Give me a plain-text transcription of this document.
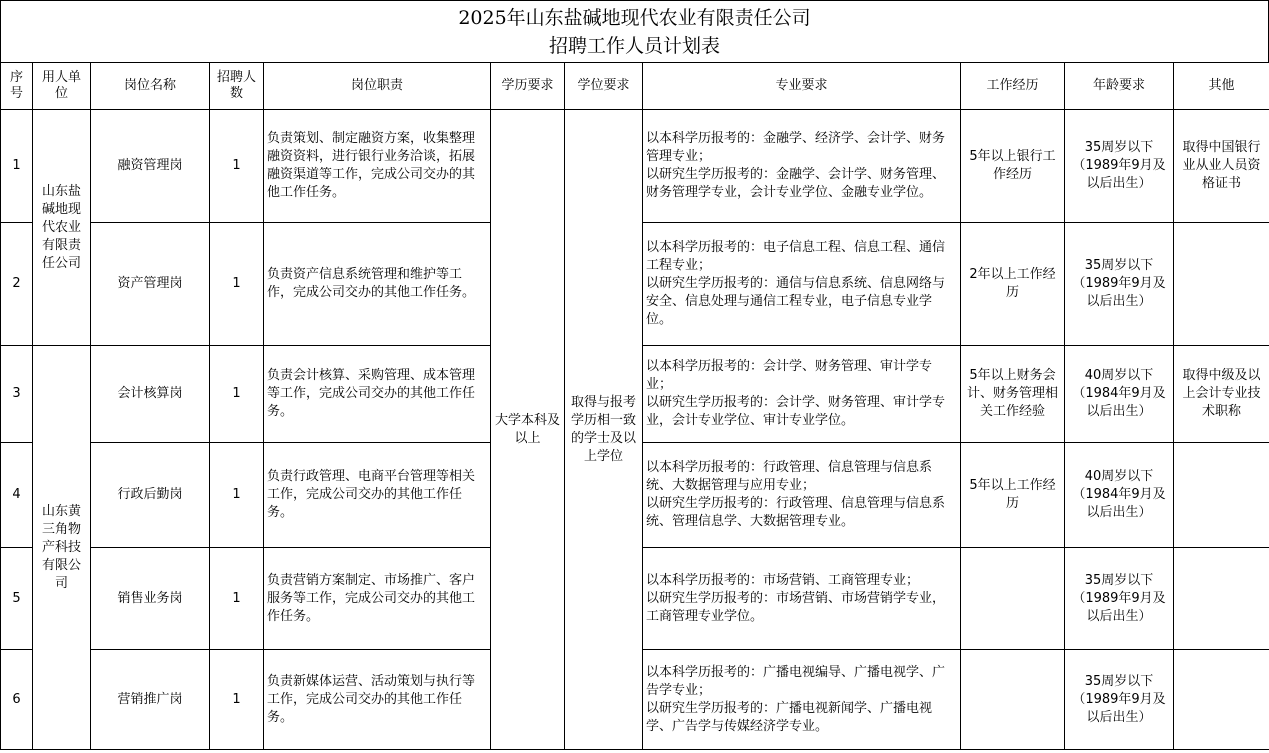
2025年山东盐碱地现代农业有限责任公司
招聘工作人员计划表
序号	用人单位	岗位名称	招聘人数	岗位职责	学历要求	学位要求	专业要求	工作经历	年龄要求	其他
1	山东盐碱地现代农业有限责任公司	融资管理岗	1	负责策划、制定融资方案，收集整理融资资料，进行银行业务洽谈，拓展融资渠道等工作，完成公司交办的其他工作任务。	大学本科及以上	取得与报考学历相一致的学士及以上学位	以本科学历报考的：金融学、经济学、会计学、财务管理专业；
以研究生学历报考的：金融学、会计学、财务管理、财务管理学专业，会计专业学位、金融专业学位。	5年以上银行工作经历	35周岁以下（1989年9月及以后出生）	取得中国银行业从业人员资格证书
2		资产管理岗	1	负责资产信息系统管理和维护等工作，完成公司交办的其他工作任务。			以本科学历报考的：电子信息工程、信息工程、通信工程专业；
以研究生学历报考的：通信与信息系统、信息网络与安全、信息处理与通信工程专业，电子信息专业学位。	2年以上工作经历	35周岁以下（1989年9月及以后出生）	
3	山东黄三角物产科技有限公司	会计核算岗	1	负责会计核算、采购管理、成本管理等工作，完成公司交办的其他工作任务。			以本科学历报考的：会计学、财务管理、审计学专业；
以研究生学历报考的：会计学、财务管理、审计学专业，会计专业学位、审计专业学位。	5年以上财务会计、财务管理相关工作经验	40周岁以下（1984年9月及以后出生）	取得中级及以上会计专业技术职称
4		行政后勤岗	1	负责行政管理、电商平台管理等相关工作，完成公司交办的其他工作任务。			以本科学历报考的：行政管理、信息管理与信息系统、大数据管理与应用专业；
以研究生学历报考的：行政管理、信息管理与信息系统、管理信息学、大数据管理专业。	5年以上工作经历	40周岁以下（1984年9月及以后出生）	
5		销售业务岗	1	负责营销方案制定、市场推广、客户服务等工作，完成公司交办的其他工作任务。			以本科学历报考的：市场营销、工商管理专业；
以研究生学历报考的：市场营销、市场营销学专业，工商管理专业学位。		35周岁以下（1989年9月及以后出生）	
6		营销推广岗	1	负责新媒体运营、活动策划与执行等工作，完成公司交办的其他工作任务。			以本科学历报考的：广播电视编导、广播电视学、广告学专业；
以研究生学历报考的：广播电视新闻学、广播电视学、广告学与传媒经济学专业。		35周岁以下（1989年9月及以后出生）	
